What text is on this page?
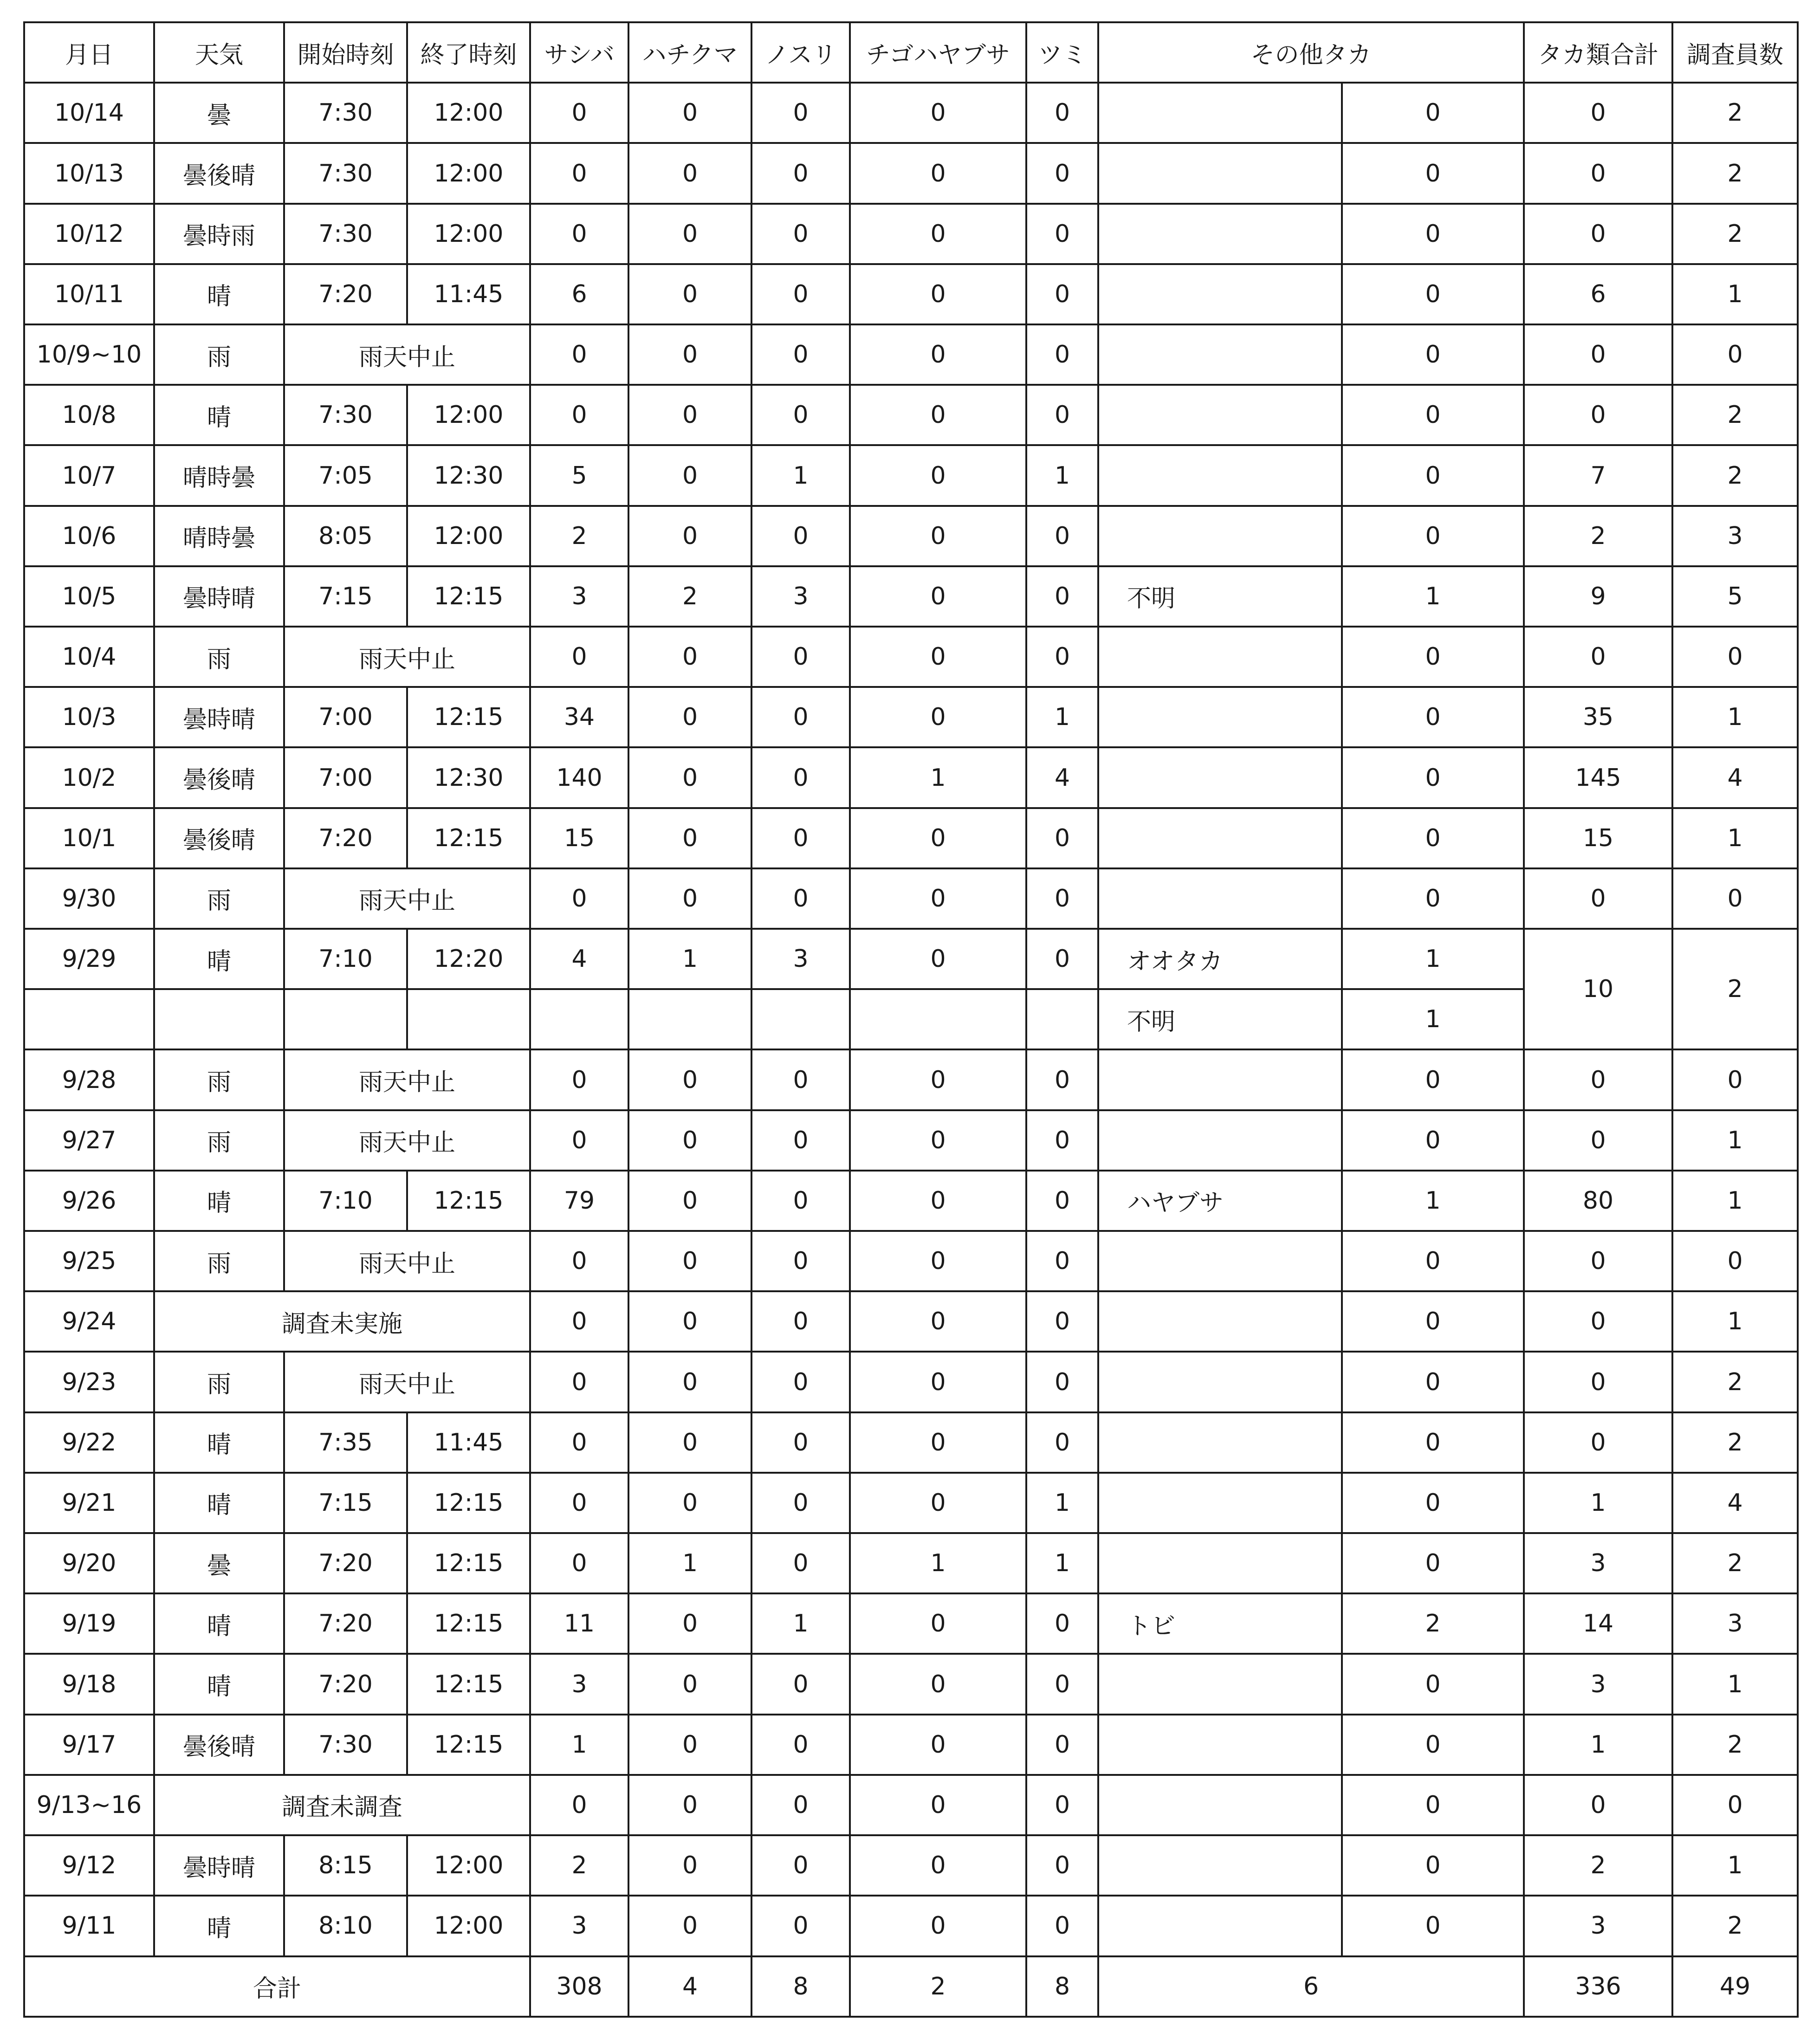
月日	天気	開始時刻	終了時刻	サシバ	ハチクマ	ノスリ	チゴハヤブサ	ツミ	その他タカ		タカ類合計	調査員数
10/14	曇	7:30	12:00	0	0	0	0	0		0	0	2
10/13	曇後晴	7:30	12:00	0	0	0	0	0		0	0	2
10/12	曇時雨	7:30	12:00	0	0	0	0	0		0	0	2
10/11	晴	7:20	11:45	6	0	0	0	0		0	6	1
10/9~10	雨	雨天中止		0	0	0	0	0		0	0	0
10/8	晴	7:30	12:00	0	0	0	0	0		0	0	2
10/7	晴時曇	7:05	12:30	5	0	1	0	1		0	7	2
10/6	晴時曇	8:05	12:00	2	0	0	0	0		0	2	3
10/5	曇時晴	7:15	12:15	3	2	3	0	0	不明	1	9	5
10/4	雨	雨天中止		0	0	0	0	0		0	0	0
10/3	曇時晴	7:00	12:15	34	0	0	0	1		0	35	1
10/2	曇後晴	7:00	12:30	140	0	0	1	4		0	145	4
10/1	曇後晴	7:20	12:15	15	0	0	0	0		0	15	1
9/30	雨	雨天中止		0	0	0	0	0		0	0	0
9/29	晴	7:10	12:20	4	1	3	0	0	オオタカ	1	10	2
									不明	1		
9/28	雨	雨天中止		0	0	0	0	0		0	0	0
9/27	雨	雨天中止		0	0	0	0	0		0	0	1
9/26	晴	7:10	12:15	79	0	0	0	0	ハヤブサ	1	80	1
9/25	雨	雨天中止		0	0	0	0	0		0	0	0
9/24	調査未実施			0	0	0	0	0		0	0	1
9/23	雨	雨天中止		0	0	0	0	0		0	0	2
9/22	晴	7:35	11:45	0	0	0	0	0		0	0	2
9/21	晴	7:15	12:15	0	0	0	0	1		0	1	4
9/20	曇	7:20	12:15	0	1	0	1	1		0	3	2
9/19	晴	7:20	12:15	11	0	1	0	0	トビ	2	14	3
9/18	晴	7:20	12:15	3	0	0	0	0		0	3	1
9/17	曇後晴	7:30	12:15	1	0	0	0	0		0	1	2
9/13~16	調査未調査			0	0	0	0	0		0	0	0
9/12	曇時晴	8:15	12:00	2	0	0	0	0		0	2	1
9/11	晴	8:10	12:00	3	0	0	0	0		0	3	2
合計				308	4	8	2	8	6		336	49
